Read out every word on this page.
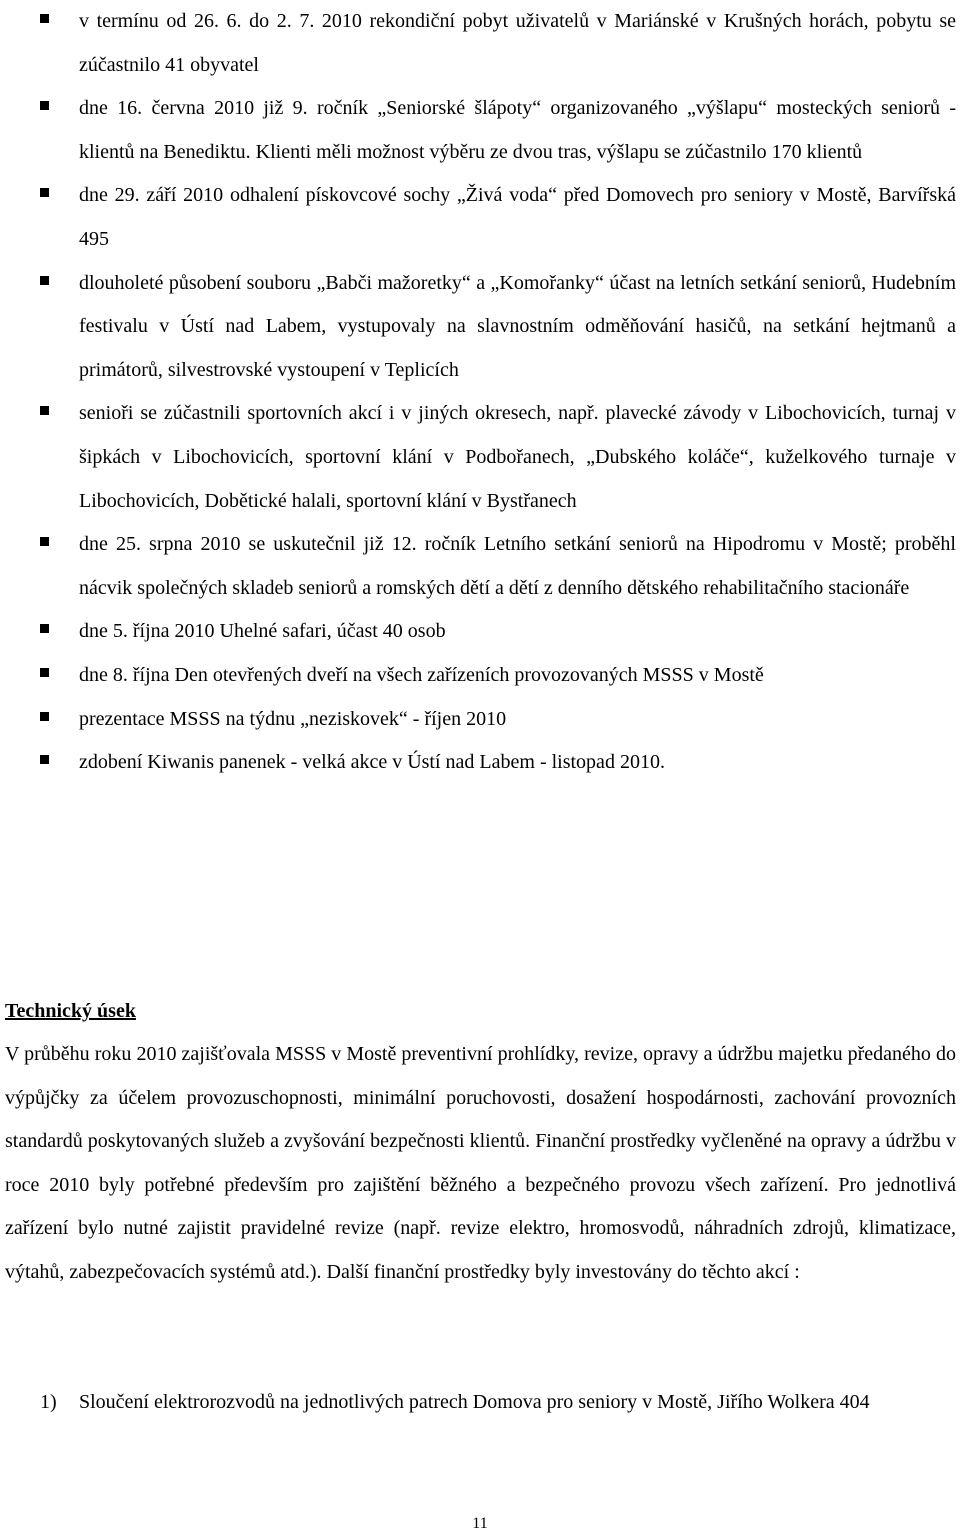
v termínu od 26. 6. do 2. 7. 2010 rekondiční pobyt uživatelů v Mariánské v Krušných horách, pobytu se zúčastnilo 41 obyvatel
dne 16. června 2010 již 9. ročník „Seniorské šlápoty“ organizovaného „výšlapu“ mosteckých seniorů - klientů na Benediktu. Klienti měli možnost výběru ze dvou tras, výšlapu se zúčastnilo 170 klientů
dne 29. září 2010 odhalení pískovcové sochy „Živá voda“ před Domovech pro seniory v Mostě, Barvířská 495
dlouholeté působení souboru „Babči mažoretky“ a „Komořanky“ účast na letních setkání seniorů, Hudebním festivalu v Ústí nad Labem, vystupovaly na slavnostním odměňování hasičů, na setkání hejtmanů a primátorů, silvestrovské vystoupení v Teplicích
senioři se zúčastnili sportovních akcí i v jiných okresech, např. plavecké závody v Libochovicích, turnaj v šipkách v Libochovicích, sportovní klání v Podbořanech, „Dubského koláče“, kuželkového turnaje v Libochovicích, Dobětické halali, sportovní klání v Bystřanech
dne 25. srpna 2010 se uskutečnil již 12. ročník Letního setkání seniorů na Hipodromu v Mostě; proběhl nácvik společných skladeb seniorů a romských dětí a dětí z denního dětského rehabilitačního stacionáře
dne 5. října 2010 Uhelné safari, účast 40 osob
dne 8. října Den otevřených dveří na všech zařízeních provozovaných MSSS v Mostě
prezentace MSSS na týdnu „neziskovek“ - říjen 2010
zdobení Kiwanis panenek - velká akce v Ústí nad Labem - listopad 2010.
Technický úsek

V průběhu roku 2010 zajišťovala MSSS v Mostě preventivní prohlídky, revize, opravy a údržbu majetku předaného do výpůjčky za účelem provozuschopnosti, minimální poruchovosti, dosažení hospodárnosti, zachování provozních standardů poskytovaných služeb a zvyšování bezpečnosti klientů. Finanční prostředky vyčleněné na opravy a údržbu v roce 2010 byly potřebné především pro zajištění běžného a bezpečného provozu všech zařízení. Pro jednotlivá zařízení bylo nutné zajistit pravidelné revize (např. revize elektro, hromosvodů, náhradních zdrojů, klimatizace, výtahů, zabezpečovacích systémů atd.). Další finanční prostředky byly investovány do těchto akcí :

1) Sloučení elektrorozvodů na jednotlivých patrech Domova pro seniory v Mostě, Jiřího Wolkera 404
11
